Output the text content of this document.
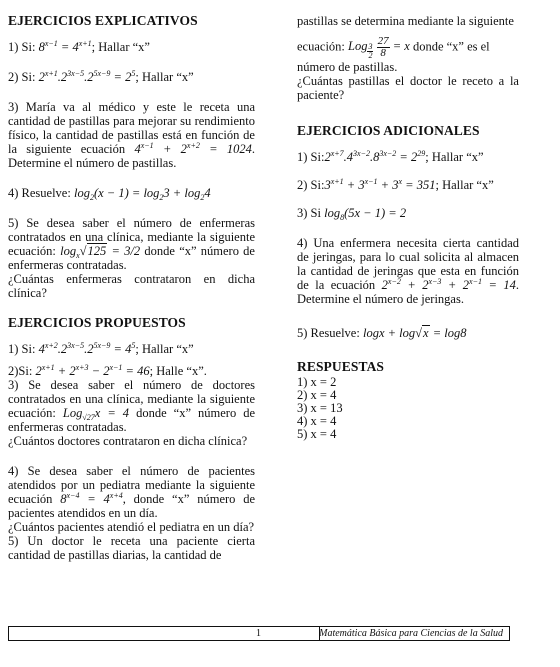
EJERCICIOS EXPLICATIVOS

1) Si: $8^{x-1} = 4^{x+1}$; Hallar “x”

2) Si: $2^{x+1}.2^{3x-5}.2^{5x-9} = 2^5$; Hallar “x”

3) María va al médico y este le receta una cantidad de pastillas para mejorar su rendimiento físico, la cantidad de pastillas está en función de la siguiente ecuación $4^{x-1} + 2^{x+2} = 1024$. Determine el número de pastillas.

4) Resuelve: $\log_2(x - 1) = \log_23 + \log_24$

5) Se desea saber el número de enfermeras contratados en una clínica, mediante la siguiente ecuación: $\log_x√125 = 3/2$ donde “x” número de enfermeras contratadas.

¿Cuántas enfermeras contrataron en dicha clínica?

EJERCICIOS PROPUESTOS

1) Si: $4^{x+2}.2^{3x-5}.2^{5x-9} = 4^5$; Hallar “x”

2)Si: $2^{x+1} + 2^{x+3} - 2^{x-1} = 46$; Halle “x”.

3) Se desea saber el número de doctores contratados en una clínica, mediante la siguiente ecuación: Log$_{√27}$x = 4 donde “x” número de enfermeras contratadas.

¿Cuántos doctores contrataron en dicha clínica?

4) Se desea saber el número de pacientes atendidos por un pediatra mediante la siguiente ecuación $8^{x-4} = 4^{x+4}$, donde “x” número de pacientes atendidos en un día.

¿Cuántos pacientes atendió el pediatra en un día?

5) Un doctor le receta una paciente cierta cantidad de pastillas diarias, la cantidad de

pastillas se determina mediante la siguiente

ecuación: Log $_{\frac{3}{2}}$
$\frac{27}{8} = x$ donde “x” es el

número de pastillas.

¿Cuántas pastillas el doctor le receto a la paciente?

EJERCICIOS ADICIONALES

1) $Si:2^{x+7}.4^{3x-2}.8^{3x-2} = 2^{29}$; Hallar “x”

2) $Si:3^{x+1} + 3^{x-1} + 3^x = 351$; Hallar “x”

3) Si $\log_8(5x - 1) = 2$

4) Una enfermera necesita cierta cantidad de jeringas, para lo cual solicita al almacen la cantidad de jeringas que esta en función de la ecuación $2^{x-2} + 2^{x-3} + 2^{x-1} = 14$. Determine el número de jeringas.

5) Resuelve: logx + log√x = log8

RESPUESTAS

1) x = 2

2) x = 4

3) x = 13

4) x = 4

5) x = 4

1	Matemática Básica para Ciencias de la Salud
